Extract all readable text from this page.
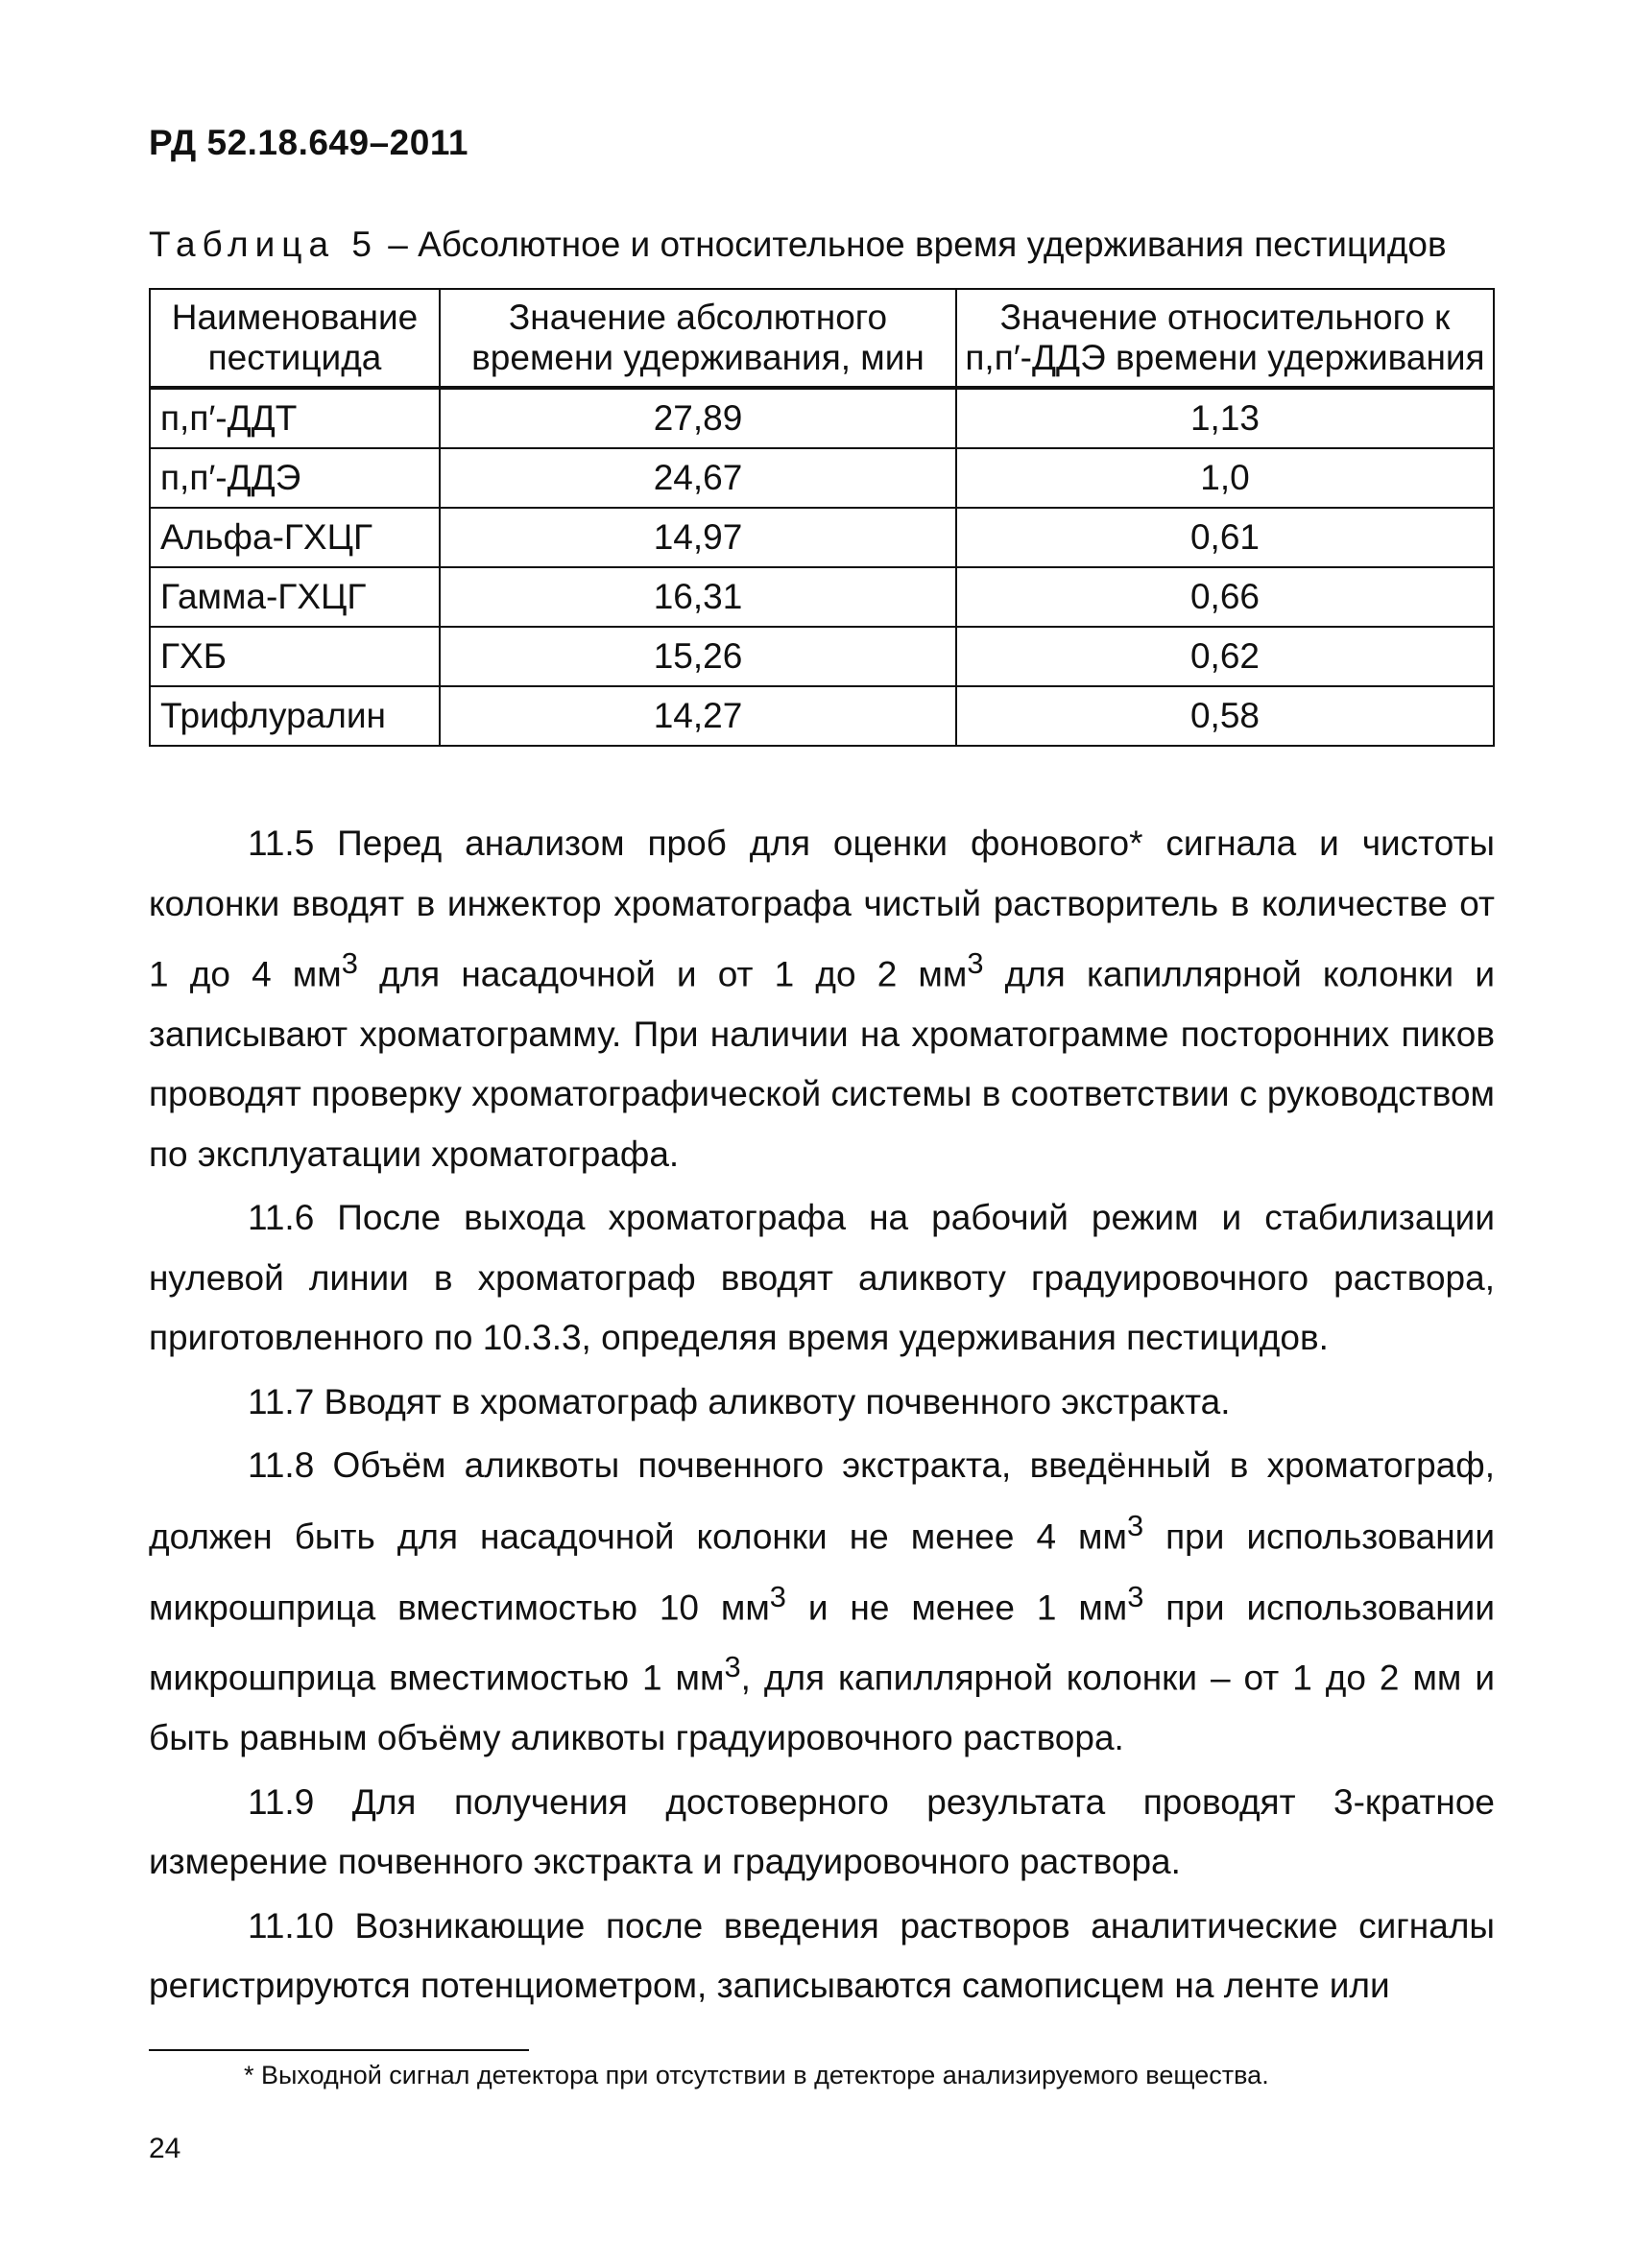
РД 52.18.649–2011
Таблица 5 – Абсолютное и относительное время удерживания пестицидов
Наименование пестицида	Значение абсолютного времени удерживания, мин	Значение относительного к п,п′-ДДЭ времени удерживания
п,п′-ДДТ	27,89	1,13
п,п′-ДДЭ	24,67	1,0
Альфа-ГХЦГ	14,97	0,61
Гамма-ГХЦГ	16,31	0,66
ГХБ	15,26	0,62
Трифлуралин	14,27	0,58

11.5 Перед анализом проб для оценки фонового* сигнала и чистоты колонки вводят в инжектор хроматографа чистый растворитель в количестве от 1 до 4 $мм^3$ для насадочной и от 1 до 2 $мм^3$ для капиллярной колонки и записывают хроматограмму. При наличии на хроматограмме посторонних пиков проводят проверку хроматографической системы в соответствии с руководством по эксплуатации хроматографа.

11.6 После выхода хроматографа на рабочий режим и стабилизации нулевой линии в хроматограф вводят аликвоту градуировочного раствора, приготовленного по 10.3.3, определяя время удерживания пестицидов.

11.7 Вводят в хроматограф аликвоту почвенного экстракта.

11.8 Объём аликвоты почвенного экстракта, введённый в хроматограф, должен быть для насадочной колонки не менее 4 $мм^3$ при использовании микрошприца вместимостью 10 $мм^3$ и не менее 1 $мм^3$ при использовании микрошприца вместимостью 1 $мм^3$, для капиллярной колонки – от 1 до 2 мм и быть равным объёму аликвоты градуировочного раствора.

11.9 Для получения достоверного результата проводят 3-кратное измерение почвенного экстракта и градуировочного раствора.

11.10 Возникающие после введения растворов аналитические сигналы регистрируются потенциометром, записываются самописцем на ленте или

* Выходной сигнал детектора при отсутствии в детекторе анализируемого вещества.
24
